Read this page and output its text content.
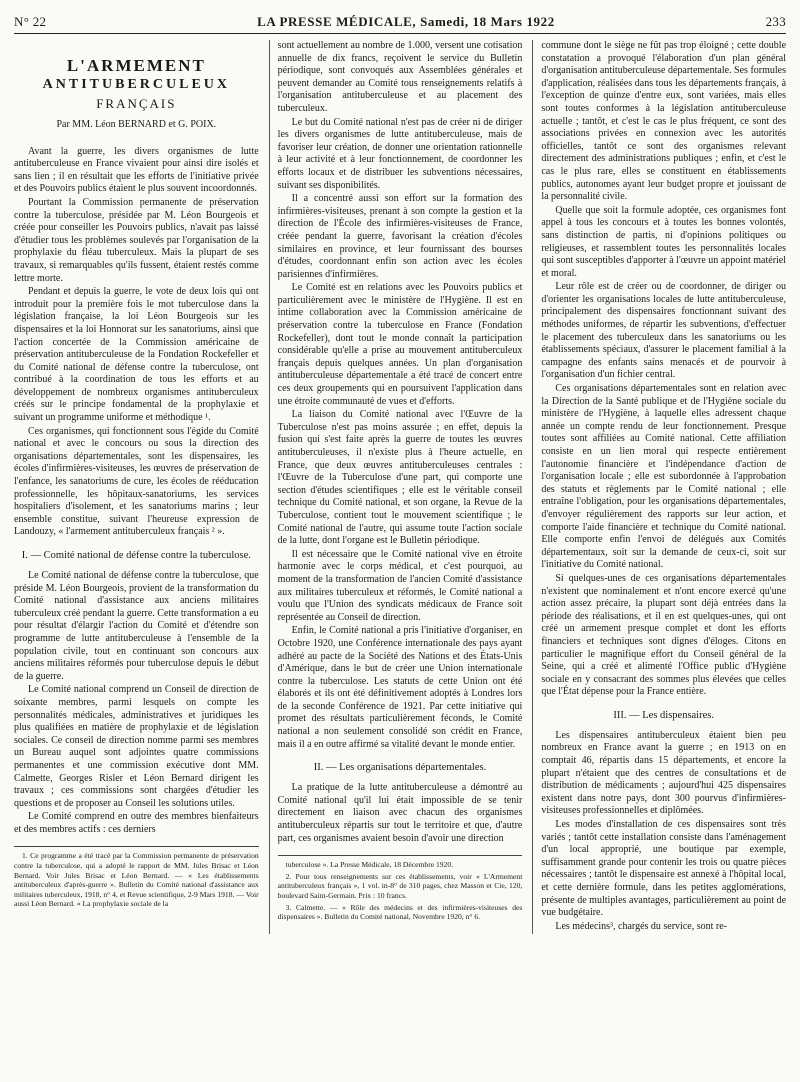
N° 22	LA PRESSE MÉDICALE, Samedi, 18 Mars 1922	233
L'ARMEMENT
ANTITUBERCULEUX
FRANÇAIS
Par MM. Léon BERNARD et G. POIX.

Avant la guerre, les divers organismes de lutte antituberculeuse en France vivaient pour ainsi dire isolés et sans lien ; il en résultait que les efforts de l'initiative privée et des Pouvoirs publics étaient le plus souvent incoordonnés.

Pourtant la Commission permanente de préservation contre la tuberculose, présidée par M. Léon Bourgeois et créée pour conseiller les Pouvoirs publics, n'avait pas laissé d'étudier tous les problèmes soulevés par l'organisation de la prophylaxie du fléau tuberculeux. Mais la plupart de ses travaux, si remarquables qu'ils fussent, étaient restés comme lettre morte.

Pendant et depuis la guerre, le vote de deux lois qui ont introduit pour la première fois le mot tuberculose dans la législation française, la loi Léon Bourgeois sur les dispensaires et la loi Honnorat sur les sanatoriums, ainsi que l'action concertée de la Commission américaine de préservation antituberculeuse de la Fondation Rockefeller et du Comité national de défense contre la tuberculose, ont contribué à la coordination de tous les efforts et au développement de nombreux organismes antituberculeux créés sur le principe fondamental de la prophylaxie et suivant un programme uniforme et méthodique ¹.

Ces organismes, qui fonctionnent sous l'égide du Comité national et avec le concours ou sous la direction des organisations départementales, sont les dispensaires, les écoles d'infirmières-visiteuses, les œuvres de préservation de l'enfance, les sanatoriums de cure, les écoles de rééducation professionnelle, les hôpitaux-sanatoriums, les services hospitaliers d'isolement, et les sanatoriums marins ; leur ensemble constitue, suivant l'heureuse expression de Landouzy, « l'armement antituberculeux français ² ».

I. — Comité national de défense contre la tuberculose.

Le Comité national de défense contre la tuberculose, que préside M. Léon Bourgeois, provient de la transformation du Comité national d'assistance aux anciens militaires tuberculeux créé pendant la guerre. Cette transformation a eu pour résultat d'élargir l'action du Comité et d'étendre son programme de lutte antituberculeuse à l'ensemble de la population civile, tout en continuant son concours aux anciens militaires réformés pour tuberculose depuis le début de la guerre.

Le Comité national comprend un Conseil de direction de soixante membres, parmi lesquels on compte les personnalités médicales, administratives et juridiques les plus qualifiées en matière de prophylaxie et de législation sociales. Ce conseil de direction nomme parmi ses membres un Bureau auquel sont adjointes quatre commissions permanentes et une commission exécutive dont MM. Calmette, Georges Risler et Léon Bernard dirigent les travaux ; ces commissions sont chargées d'étudier les questions et de proposer au Conseil les solutions utiles.

Le Comité comprend en outre des membres bienfaiteurs et des membres actifs : ces derniers

1. Ce programme a été tracé par la Commission permanente de préservation contre la tuberculose, qui a adopté le rapport de MM. Jules Brisac et Léon Bernard. Voir Jules Brisac et Léon Bernard. — « Les établissements antituberculeux d'après-guerre ». Bulletin du Comité national d'assistance aux militaires tuberculeux, 1918, n° 4, et Revue scientifique, 2-9 Mars 1918. — Voir aussi Léon Bernard. « La prophylaxie sociale de la

sont actuellement au nombre de 1.000, versent une cotisation annuelle de dix francs, reçoivent le service du Bulletin périodique, sont convoqués aux Assemblées générales et peuvent demander au Comité tous renseignements relatifs à l'organisation antituberculeuse et au placement des tuberculeux.

Le but du Comité national n'est pas de créer ni de diriger les divers organismes de lutte antituberculeuse, mais de favoriser leur création, de donner une orientation rationnelle à leur activité et à leur fonctionnement, de coordonner les efforts locaux et de distribuer les subventions nécessaires, suivant ses disponibilités.

Il a concentré aussi son effort sur la formation des infirmières-visiteuses, prenant à son compte la gestion et la direction de l'École des infirmières-visiteuses de France, créée pendant la guerre, favorisant la création d'écoles similaires en province, et leur fournissant des bourses d'études, coordonnant enfin son action avec les écoles parisiennes d'infirmières.

Le Comité est en relations avec les Pouvoirs publics et particulièrement avec le ministère de l'Hygiène. Il est en intime collaboration avec la Commission américaine de préservation contre la tuberculose en France (Fondation Rockefeller), dont tout le monde connaît la participation considérable qu'elle a prise au mouvement antituberculeux français depuis quelques années. Un plan d'organisation antituberculeuse départementale a été tracé de concert entre ces deux groupements qui en poursuivent l'application dans une étroite communauté de vues et d'efforts.

La liaison du Comité national avec l'Œuvre de la Tuberculose n'est pas moins assurée ; en effet, depuis la fusion qui s'est faite après la guerre de toutes les œuvres antituberculeuses, il n'existe plus à l'heure actuelle, en France, que deux œuvres antituberculeuses centrales : l'Œuvre de la Tuberculose d'une part, qui comporte une section d'études scientifiques ; elle est le véritable conseil technique du Comité national, et son organe, la Revue de la Tuberculose, contient tout le mouvement scientifique ; le Comité national de l'autre, qui assume toute l'action sociale de la lutte, dont l'organe est le Bulletin périodique.

Il est nécessaire que le Comité national vive en étroite harmonie avec le corps médical, et c'est pourquoi, au moment de la transformation de l'ancien Comité d'assistance aux militaires tuberculeux et réformés, le Comité national a voulu que l'Union des syndicats médicaux de France soit représentée au Conseil de direction.

Enfin, le Comité national a pris l'initiative d'organiser, en Octobre 1920, une Conférence internationale des pays ayant adhéré au pacte de la Société des Nations et des États-Unis d'Amérique, dans le but de créer une Union internationale contre la tuberculose. Les statuts de cette Union ont été élaborés et ils ont été définitivement adoptés à Londres lors de la seconde Conférence de 1921. Par cette initiative qui promet des résultats particulièrement féconds, le Comité national a non seulement consolidé son crédit en France, mais il a en outre affirmé sa vitalité devant le monde entier.

II. — Les organisations départementales.

La pratique de la lutte antituberculeuse a démontré au Comité national qu'il lui était impossible de se tenir directement en liaison avec chacun des organismes antituberculeux répartis sur tout le territoire et que, d'autre part, ces organismes avaient besoin d'avoir une direction

tuberculose ». La Presse Médicale, 18 Décembre 1920.

2. Pour tous renseignements sur ces établissements, voir « L'Armement antituberculeux français », 1 vol. in-8° de 310 pages, chez Masson et Cie, 120, boulevard Saint-Germain. Prix : 10 francs.

3. Calmette. — « Rôle des médecins et des infirmières-visiteuses des dispensaires ». Bulletin du Comité national, Novembre 1920, n° 6.

commune dont le siège ne fût pas trop éloigné ; cette double constatation a provoqué l'élaboration d'un plan général d'organisation antituberculeuse départementale. Ses formules d'application, réalisées dans tous les départements français, à l'exception de quinze d'entre eux, sont variées, mais elles sont toutes conformes à la législation antituberculeuse actuelle ; tantôt, et c'est le cas le plus fréquent, ce sont des associations privées en connexion avec les autorités officielles, tantôt ce sont des organismes relevant directement des administrations publiques ; enfin, et c'est le cas le plus rare, elles se constituent en établissements publics, autonomes ayant leur budget propre et jouissant de la personnalité civile.

Quelle que soit la formule adoptée, ces organismes font appel à tous les concours et à toutes les bonnes volontés, sans distinction de partis, ni d'opinions politiques ou religieuses, et rassemblent toutes les personnalités locales qui sont susceptibles d'apporter à l'œuvre un appoint matériel et moral.

Leur rôle est de créer ou de coordonner, de diriger ou d'orienter les organisations locales de lutte antituberculeuse, principalement des dispensaires fonctionnant suivant des méthodes uniformes, de répartir les subventions, d'effectuer le placement des tuberculeux dans les sanatoriums ou les établissements spéciaux, d'assurer le placement familial à la campagne des enfants sains menacés et de pourvoir à l'organisation d'un fichier central.

Ces organisations départementales sont en relation avec la Direction de la Santé publique et de l'Hygiène sociale du ministère de l'Hygiène, à laquelle elles adressent chaque année un compte rendu de leur fonctionnement. Presque toutes sont affiliées au Comité national. Cette affiliation consiste en un lien moral qui respecte entièrement l'autonomie financière et l'indépendance d'action de l'organisation locale ; elle est subordonnée à l'approbation des statuts et règlements par le Comité national ; elle entraîne l'obligation, pour les organisations départementales, d'envoyer régulièrement des rapports sur leur action, et comporte l'aide financière et technique du Comité national. Elle comporte enfin l'envoi de délégués aux Comités départementaux, soit sur la demande de ceux-ci, soit sur l'initiative du Comité national.

Si quelques-unes de ces organisations départementales n'existent que nominalement et n'ont encore exercé qu'une action assez précaire, la plupart sont déjà entrées dans la période des réalisations, et il en est quelques-unes, qui ont créé un armement presque complet et dont les efforts financiers et techniques sont dignes d'éloges. Citons en particulier le magnifique effort du Conseil général de la Seine, qui a créé et alimenté l'Office public d'Hygiène sociale en y consacrant des sommes plus élevées que celles que l'État dépense pour la France entière.

III. — Les dispensaires.

Les dispensaires antituberculeux étaient bien peu nombreux en France avant la guerre ; en 1913 on en comptait 46, répartis dans 15 départements, et encore la plupart n'étaient que des centres de consultations et de distribution de médicaments ; aujourd'hui 425 dispensaires existent dans notre pays, dont 300 pourvus d'infirmières-visiteuses professionnelles et diplômées.

Les modes d'installation de ces dispensaires sont très variés ; tantôt cette installation consiste dans l'aménagement d'un local approprié, une boutique par exemple, suffisamment grande pour contenir les trois ou quatre pièces nécessaires ; tantôt le dispensaire est annexé à l'hôpital local, et cette dernière formule, dans les petites agglomérations, présente de multiples avantages, particulièrement au point de vue budgétaire.

Les médecins³, chargés du service, sont re-
